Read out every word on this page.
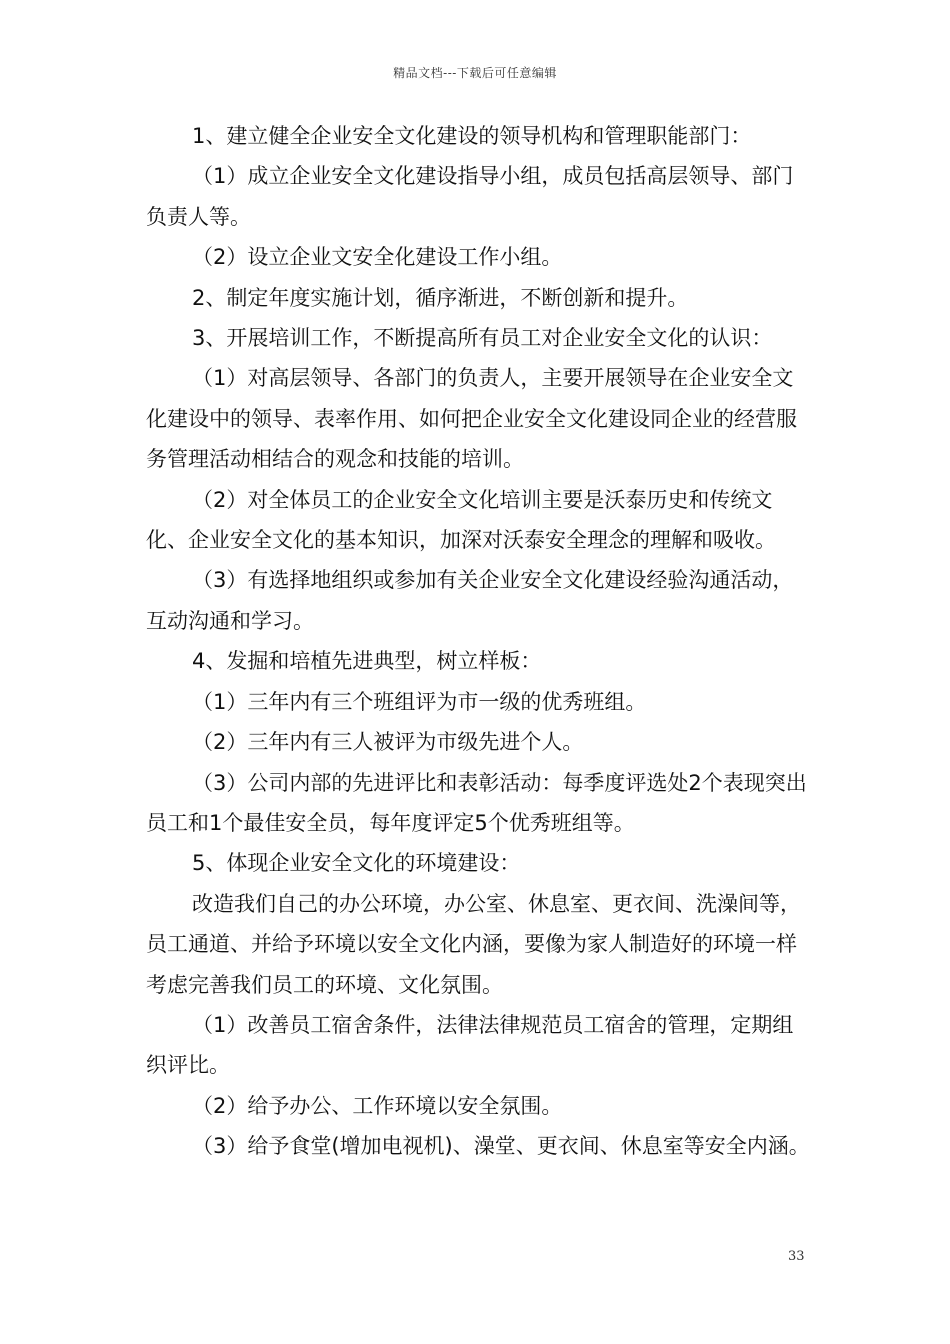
精品文档---下载后可任意编辑

1、建立健全企业安全文化建设的领导机构和管理职能部门：

（1）成立企业安全文化建设指导小组，成员包括高层领导、部门负责人等。

（2）设立企业文安全化建设工作小组。

2、制定年度实施计划，循序渐进，不断创新和提升。

3、开展培训工作，不断提高所有员工对企业安全文化的认识：

（1）对高层领导、各部门的负责人，主要开展领导在企业安全文化建设中的领导、表率作用、如何把企业安全文化建设同企业的经营服务管理活动相结合的观念和技能的培训。

（2）对全体员工的企业安全文化培训主要是沃泰历史和传统文化、企业安全文化的基本知识，加深对沃泰安全理念的理解和吸收。

（3）有选择地组织或参加有关企业安全文化建设经验沟通活动，互动沟通和学习。

4、发掘和培植先进典型，树立样板：

（1）三年内有三个班组评为市一级的优秀班组。

（2）三年内有三人被评为市级先进个人。

（3）公司内部的先进评比和表彰活动：每季度评选处2个表现突出员工和1个最佳安全员，每年度评定5个优秀班组等。

5、体现企业安全文化的环境建设：

改造我们自己的办公环境，办公室、休息室、更衣间、洗澡间等，员工通道、并给予环境以安全文化内涵，要像为家人制造好的环境一样考虑完善我们员工的环境、文化氛围。

（1）改善员工宿舍条件，法律法律规范员工宿舍的管理，定期组织评比。

（2）给予办公、工作环境以安全氛围。

（3）给予食堂(增加电视机)、澡堂、更衣间、休息室等安全内涵。

33
